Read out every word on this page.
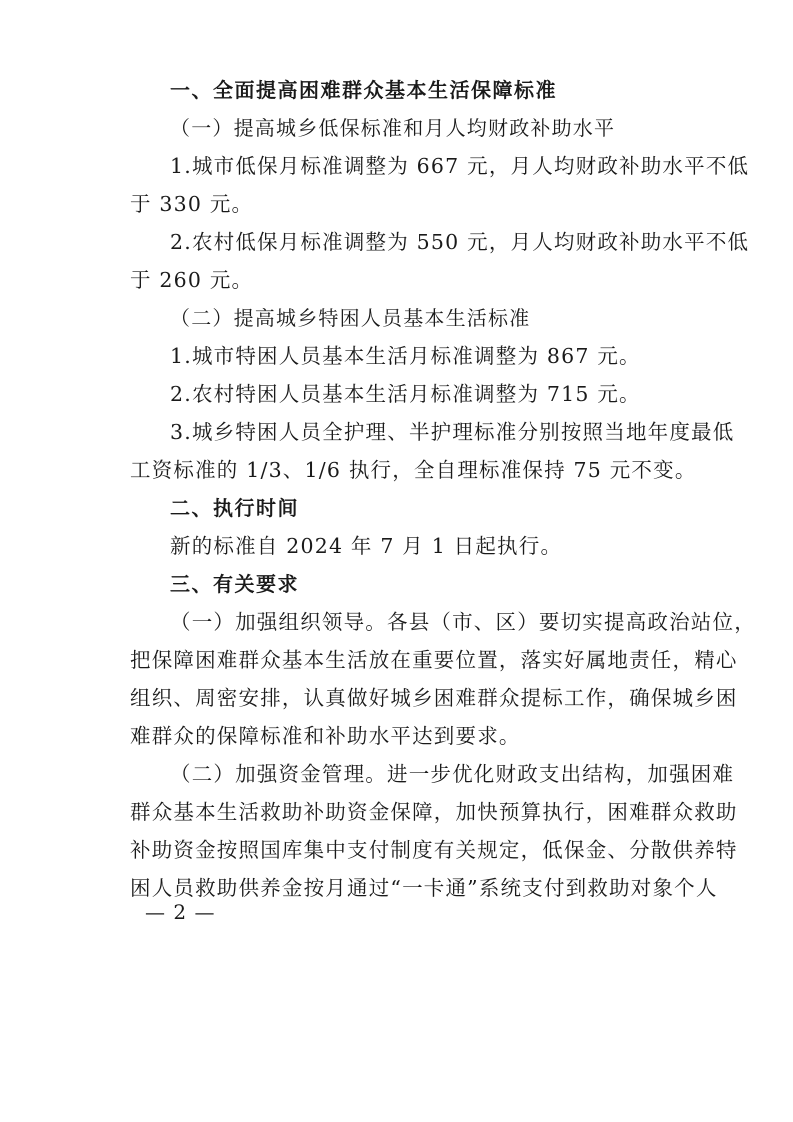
一、全面提高困难群众基本生活保障标准
（一）提高城乡低保标准和月人均财政补助水平
1.城市低保月标准调整为 667 元，月人均财政补助水平不低
于 330 元。
2.农村低保月标准调整为 550 元，月人均财政补助水平不低
于 260 元。
（二）提高城乡特困人员基本生活标准
1.城市特困人员基本生活月标准调整为 867 元。
2.农村特困人员基本生活月标准调整为 715 元。
3.城乡特困人员全护理、半护理标准分别按照当地年度最低
工资标准的 1/3、1/6 执行，全自理标准保持 75 元不变。
二、执行时间
新的标准自 2024 年 7 月 1 日起执行。
三、有关要求
（一）加强组织领导。各县（市、区）要切实提高政治站位，
把保障困难群众基本生活放在重要位置，落实好属地责任，精心
组织、周密安排，认真做好城乡困难群众提标工作，确保城乡困
难群众的保障标准和补助水平达到要求。
（二）加强资金管理。进一步优化财政支出结构，加强困难
群众基本生活救助补助资金保障，加快预算执行，困难群众救助
补助资金按照国库集中支付制度有关规定，低保金、分散供养特
困人员救助供养金按月通过“一卡通”系统支付到救助对象个人
— 2 —
